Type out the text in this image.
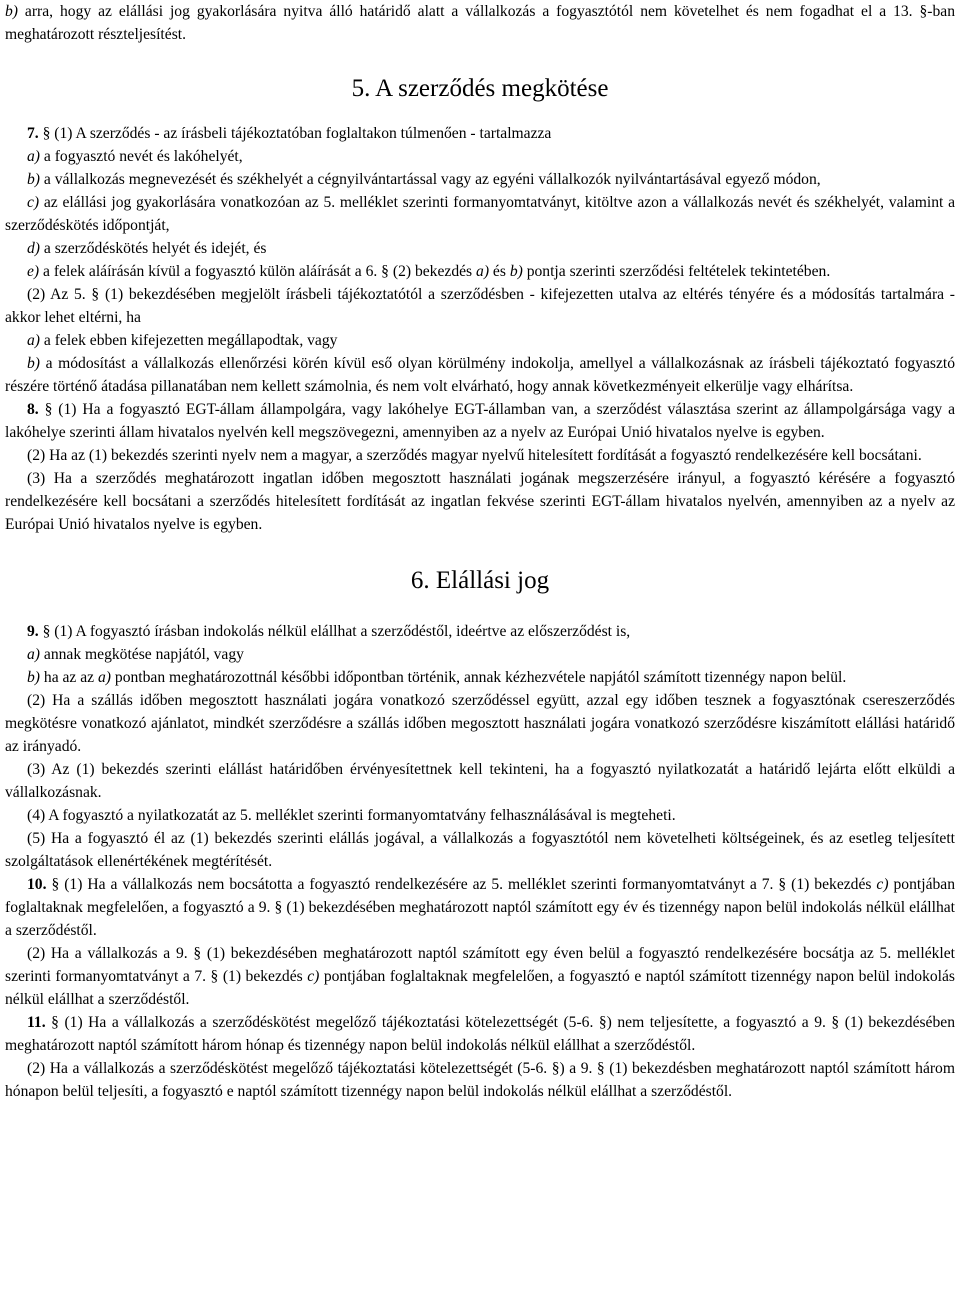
b) arra, hogy az elállási jog gyakorlására nyitva álló határidő alatt a vállalkozás a fogyasztótól nem követelhet és nem fogadhat el a 13. §-ban meghatározott részteljesítést.

5. A szerződés megkötése

7. § (1) A szerződés - az írásbeli tájékoztatóban foglaltakon túlmenően - tartalmazza

a) a fogyasztó nevét és lakóhelyét,

b) a vállalkozás megnevezését és székhelyét a cégnyilvántartással vagy az egyéni vállalkozók nyilvántartásával egyező módon,

c) az elállási jog gyakorlására vonatkozóan az 5. melléklet szerinti formanyomtatványt, kitöltve azon a vállalkozás nevét és székhelyét, valamint a szerződéskötés időpontját,

d) a szerződéskötés helyét és idejét, és

e) a felek aláírásán kívül a fogyasztó külön aláírását a 6. § (2) bekezdés a) és b) pontja szerinti szerződési feltételek tekintetében.

(2) Az 5. § (1) bekezdésében megjelölt írásbeli tájékoztatótól a szerződésben - kifejezetten utalva az eltérés tényére és a módosítás tartalmára - akkor lehet eltérni, ha

a) a felek ebben kifejezetten megállapodtak, vagy

b) a módosítást a vállalkozás ellenőrzési körén kívül eső olyan körülmény indokolja, amellyel a vállalkozásnak az írásbeli tájékoztató fogyasztó részére történő átadása pillanatában nem kellett számolnia, és nem volt elvárható, hogy annak következményeit elkerülje vagy elhárítsa.

8. § (1) Ha a fogyasztó EGT-állam állampolgára, vagy lakóhelye EGT-államban van, a szerződést választása szerint az állampolgársága vagy a lakóhelye szerinti állam hivatalos nyelvén kell megszövegezni, amennyiben az a nyelv az Európai Unió hivatalos nyelve is egyben.

(2) Ha az (1) bekezdés szerinti nyelv nem a magyar, a szerződés magyar nyelvű hitelesített fordítását a fogyasztó rendelkezésére kell bocsátani.

(3) Ha a szerződés meghatározott ingatlan időben megosztott használati jogának megszerzésére irányul, a fogyasztó kérésére a fogyasztó rendelkezésére kell bocsátani a szerződés hitelesített fordítását az ingatlan fekvése szerinti EGT-állam hivatalos nyelvén, amennyiben az a nyelv az Európai Unió hivatalos nyelve is egyben.

6. Elállási jog

9. § (1) A fogyasztó írásban indokolás nélkül elállhat a szerződéstől, ideértve az előszerződést is,

a) annak megkötése napjától, vagy

b) ha az az a) pontban meghatározottnál későbbi időpontban történik, annak kézhezvétele napjától számított tizennégy napon belül.

(2) Ha a szállás időben megosztott használati jogára vonatkozó szerződéssel együtt, azzal egy időben tesznek a fogyasztónak csereszerződés megkötésre vonatkozó ajánlatot, mindkét szerződésre a szállás időben megosztott használati jogára vonatkozó szerződésre kiszámított elállási határidő az irányadó.

(3) Az (1) bekezdés szerinti elállást határidőben érvényesítettnek kell tekinteni, ha a fogyasztó nyilatkozatát a határidő lejárta előtt elküldi a vállalkozásnak.

(4) A fogyasztó a nyilatkozatát az 5. melléklet szerinti formanyomtatvány felhasználásával is megteheti.

(5) Ha a fogyasztó él az (1) bekezdés szerinti elállás jogával, a vállalkozás a fogyasztótól nem követelheti költségeinek, és az esetleg teljesített szolgáltatások ellenértékének megtérítését.

10. § (1) Ha a vállalkozás nem bocsátotta a fogyasztó rendelkezésére az 5. melléklet szerinti formanyomtatványt a 7. § (1) bekezdés c) pontjában foglaltaknak megfelelően, a fogyasztó a 9. § (1) bekezdésében meghatározott naptól számított egy év és tizennégy napon belül indokolás nélkül elállhat a szerződéstől.

(2) Ha a vállalkozás a 9. § (1) bekezdésében meghatározott naptól számított egy éven belül a fogyasztó rendelkezésére bocsátja az 5. melléklet szerinti formanyomtatványt a 7. § (1) bekezdés c) pontjában foglaltaknak megfelelően, a fogyasztó e naptól számított tizennégy napon belül indokolás nélkül elállhat a szerződéstől.

11. § (1) Ha a vállalkozás a szerződéskötést megelőző tájékoztatási kötelezettségét (5-6. §) nem teljesítette, a fogyasztó a 9. § (1) bekezdésében meghatározott naptól számított három hónap és tizennégy napon belül indokolás nélkül elállhat a szerződéstől.

(2) Ha a vállalkozás a szerződéskötést megelőző tájékoztatási kötelezettségét (5-6. §) a 9. § (1) bekezdésben meghatározott naptól számított három hónapon belül teljesíti, a fogyasztó e naptól számított tizennégy napon belül indokolás nélkül elállhat a szerződéstől.
